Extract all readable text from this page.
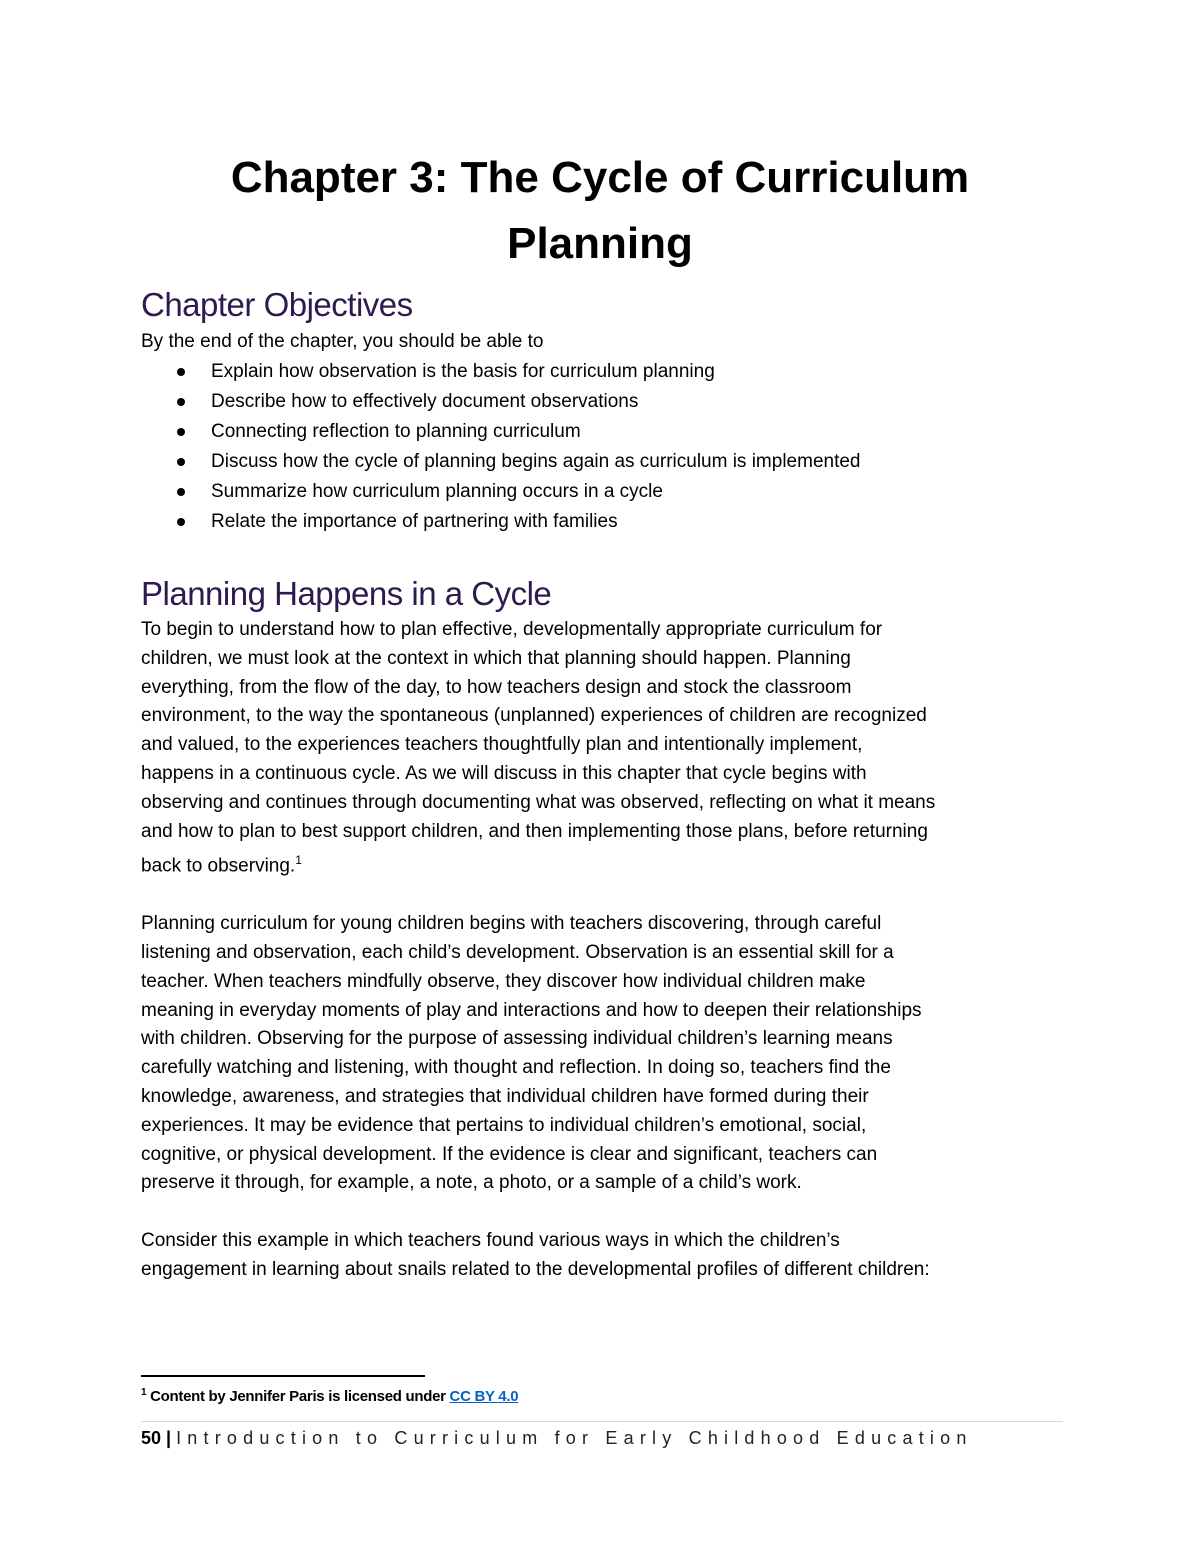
Chapter 3: The Cycle of Curriculum
Planning
Chapter Objectives
By the end of the chapter, you should be able to
Explain how observation is the basis for curriculum planning
Describe how to effectively document observations
Connecting reflection to planning curriculum
Discuss how the cycle of planning begins again as curriculum is implemented
Summarize how curriculum planning occurs in a cycle
Relate the importance of partnering with families
Planning Happens in a Cycle
To begin to understand how to plan effective, developmentally appropriate curriculum for
children, we must look at the context in which that planning should happen. Planning
everything, from the flow of the day, to how teachers design and stock the classroom
environment, to the way the spontaneous (unplanned) experiences of children are recognized
and valued, to the experiences teachers thoughtfully plan and intentionally implement,
happens in a continuous cycle. As we will discuss in this chapter that cycle begins with
observing and continues through documenting what was observed, reflecting on what it means
and how to plan to best support children, and then implementing those plans, before returning
back to observing.$^1$
Planning curriculum for young children begins with teachers discovering, through careful
listening and observation, each child’s development. Observation is an essential skill for a
teacher. When teachers mindfully observe, they discover how individual children make
meaning in everyday moments of play and interactions and how to deepen their relationships
with children. Observing for the purpose of assessing individual children’s learning means
carefully watching and listening, with thought and reflection. In doing so, teachers find the
knowledge, awareness, and strategies that individual children have formed during their
experiences. It may be evidence that pertains to individual children’s emotional, social,
cognitive, or physical development. If the evidence is clear and significant, teachers can
preserve it through, for example, a note, a photo, or a sample of a child’s work.
Consider this example in which teachers found various ways in which the children’s
engagement in learning about snails related to the developmental profiles of different children:
$^1$ Content by Jennifer Paris is licensed under CC BY 4.0
50 | Introduction to Curriculum for Early Childhood Education
